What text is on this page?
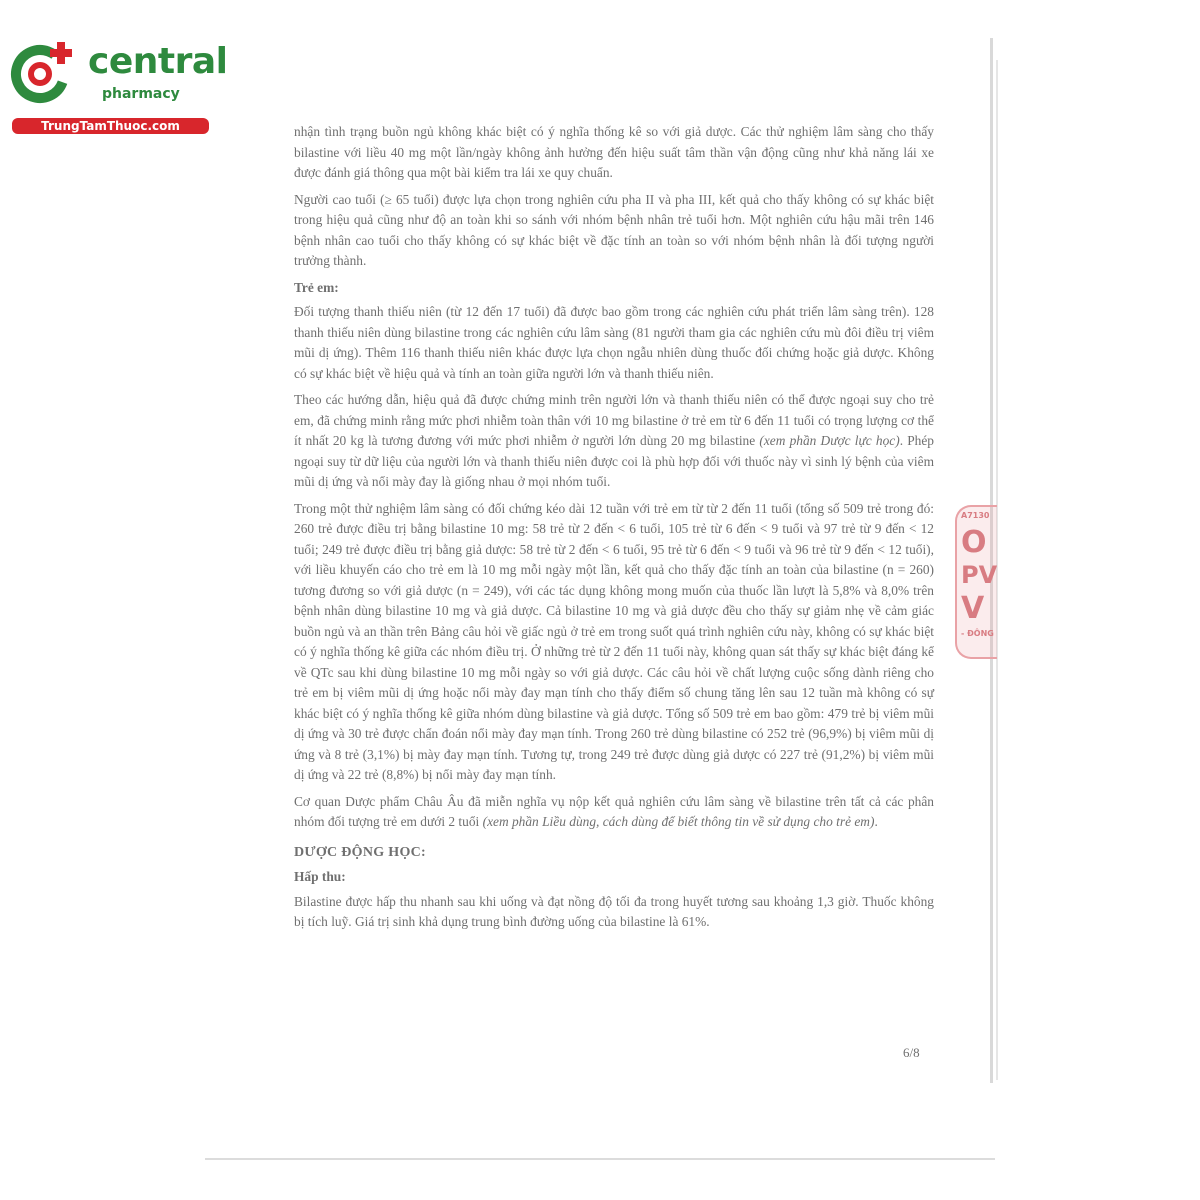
central
pharmacy
TrungTamThuoc.com
A7130
O
PV
V
- ĐÔNG

nhận tình trạng buồn ngủ không khác biệt có ý nghĩa thống kê so với giả dược. Các thử nghiệm lâm sàng cho thấy bilastine với liều 40 mg một lần/ngày không ảnh hưởng đến hiệu suất tâm thần vận động cũng như khả năng lái xe được đánh giá thông qua một bài kiểm tra lái xe quy chuẩn.

Người cao tuổi (≥ 65 tuổi) được lựa chọn trong nghiên cứu pha II và pha III, kết quả cho thấy không có sự khác biệt trong hiệu quả cũng như độ an toàn khi so sánh với nhóm bệnh nhân trẻ tuổi hơn. Một nghiên cứu hậu mãi trên 146 bệnh nhân cao tuổi cho thấy không có sự khác biệt về đặc tính an toàn so với nhóm bệnh nhân là đối tượng người trưởng thành.

Trẻ em:

Đối tượng thanh thiếu niên (từ 12 đến 17 tuổi) đã được bao gồm trong các nghiên cứu phát triển lâm sàng trên). 128 thanh thiếu niên dùng bilastine trong các nghiên cứu lâm sàng (81 người tham gia các nghiên cứu mù đôi điều trị viêm mũi dị ứng). Thêm 116 thanh thiếu niên khác được lựa chọn ngẫu nhiên dùng thuốc đối chứng hoặc giả dược. Không có sự khác biệt về hiệu quả và tính an toàn giữa người lớn và thanh thiếu niên.

Theo các hướng dẫn, hiệu quả đã được chứng minh trên người lớn và thanh thiếu niên có thể được ngoại suy cho trẻ em, đã chứng minh rằng mức phơi nhiễm toàn thân với 10 mg bilastine ở trẻ em từ 6 đến 11 tuổi có trọng lượng cơ thể ít nhất 20 kg là tương đương với mức phơi nhiễm ở người lớn dùng 20 mg bilastine (xem phần Dược lực học). Phép ngoại suy từ dữ liệu của người lớn và thanh thiếu niên được coi là phù hợp đối với thuốc này vì sinh lý bệnh của viêm mũi dị ứng và nổi mày đay là giống nhau ở mọi nhóm tuổi.

Trong một thử nghiệm lâm sàng có đối chứng kéo dài 12 tuần với trẻ em từ từ 2 đến 11 tuổi (tổng số 509 trẻ trong đó: 260 trẻ được điều trị bằng bilastine 10 mg: 58 trẻ từ 2 đến < 6 tuổi, 105 trẻ từ 6 đến < 9 tuổi và 97 trẻ từ 9 đến < 12 tuổi; 249 trẻ được điều trị bằng giả dược: 58 trẻ từ 2 đến < 6 tuổi, 95 trẻ từ 6 đến < 9 tuổi và 96 trẻ từ 9 đến < 12 tuổi), với liều khuyến cáo cho trẻ em là 10 mg mỗi ngày một lần, kết quả cho thấy đặc tính an toàn của bilastine (n = 260) tương đương so với giả dược (n = 249), với các tác dụng không mong muốn của thuốc lần lượt là 5,8% và 8,0% trên bệnh nhân dùng bilastine 10 mg và giả dược. Cả bilastine 10 mg và giả dược đều cho thấy sự giảm nhẹ về cảm giác buồn ngủ và an thần trên Bảng câu hỏi về giấc ngủ ở trẻ em trong suốt quá trình nghiên cứu này, không có sự khác biệt có ý nghĩa thống kê giữa các nhóm điều trị. Ở những trẻ từ 2 đến 11 tuổi này, không quan sát thấy sự khác biệt đáng kể về QTc sau khi dùng bilastine 10 mg mỗi ngày so với giả dược. Các câu hỏi về chất lượng cuộc sống dành riêng cho trẻ em bị viêm mũi dị ứng hoặc nổi mày đay mạn tính cho thấy điểm số chung tăng lên sau 12 tuần mà không có sự khác biệt có ý nghĩa thống kê giữa nhóm dùng bilastine và giả dược. Tổng số 509 trẻ em bao gồm: 479 trẻ bị viêm mũi dị ứng và 30 trẻ được chẩn đoán nổi mày đay mạn tính. Trong 260 trẻ dùng bilastine có 252 trẻ (96,9%) bị viêm mũi dị ứng và 8 trẻ (3,1%) bị mày đay mạn tính. Tương tự, trong 249 trẻ được dùng giả dược có 227 trẻ (91,2%) bị viêm mũi dị ứng và 22 trẻ (8,8%) bị nổi mày đay mạn tính.

Cơ quan Dược phẩm Châu Âu đã miễn nghĩa vụ nộp kết quả nghiên cứu lâm sàng về bilastine trên tất cả các phân nhóm đối tượng trẻ em dưới 2 tuổi (xem phần Liều dùng, cách dùng để biết thông tin về sử dụng cho trẻ em).

DƯỢC ĐỘNG HỌC:

Hấp thu:

Bilastine được hấp thu nhanh sau khi uống và đạt nồng độ tối đa trong huyết tương sau khoảng 1,3 giờ. Thuốc không bị tích luỹ. Giá trị sinh khả dụng trung bình đường uống của bilastine là 61%.

6/8
